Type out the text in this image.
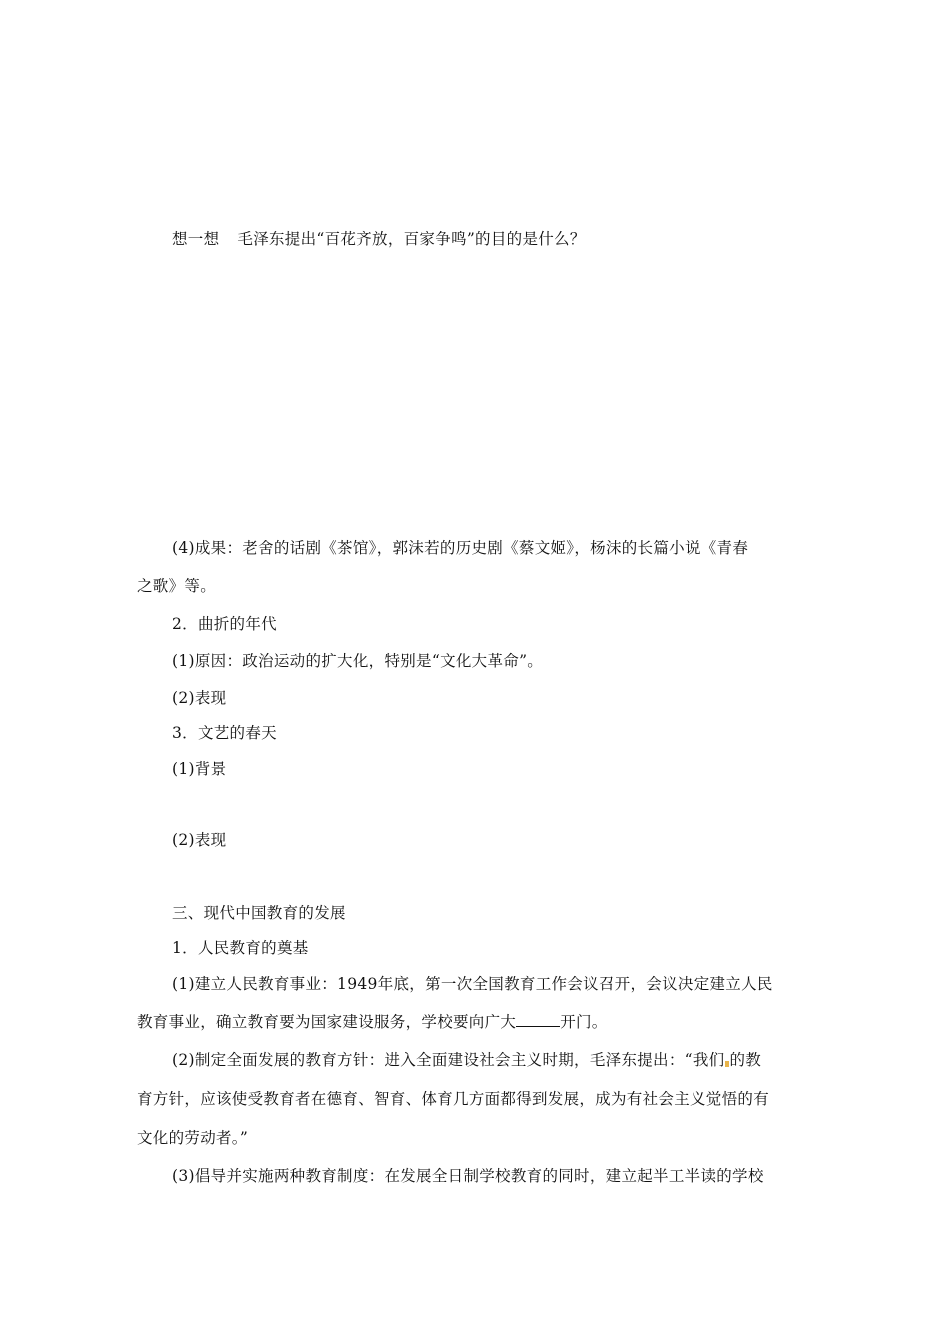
想一想 毛泽东提出“百花齐放，百家争鸣”的目的是什么？
(4)成果：老舍的话剧《茶馆》，郭沫若的历史剧《蔡文姬》，杨沫的长篇小说《青春
之歌》等。
2．曲折的年代
(1)原因：政治运动的扩大化，特别是“文化大革命”。
(2)表现
3．文艺的春天
(1)背景
(2)表现
三、现代中国教育的发展
1．人民教育的奠基
(1)建立人民教育事业：1949年底，第一次全国教育工作会议召开，会议决定建立人民
教育事业，确立教育要为国家建设服务，学校要向广大	开门。
(2)制定全面发展的教育方针：进入全面建设社会主义时期，毛泽东提出：“我们 的教
育方针，应该使受教育者在德育、智育、体育几方面都得到发展，成为有社会主义觉悟的有
文化的劳动者。”
(3)倡导并实施两种教育制度：在发展全日制学校教育的同时，建立起半工半读的学校
